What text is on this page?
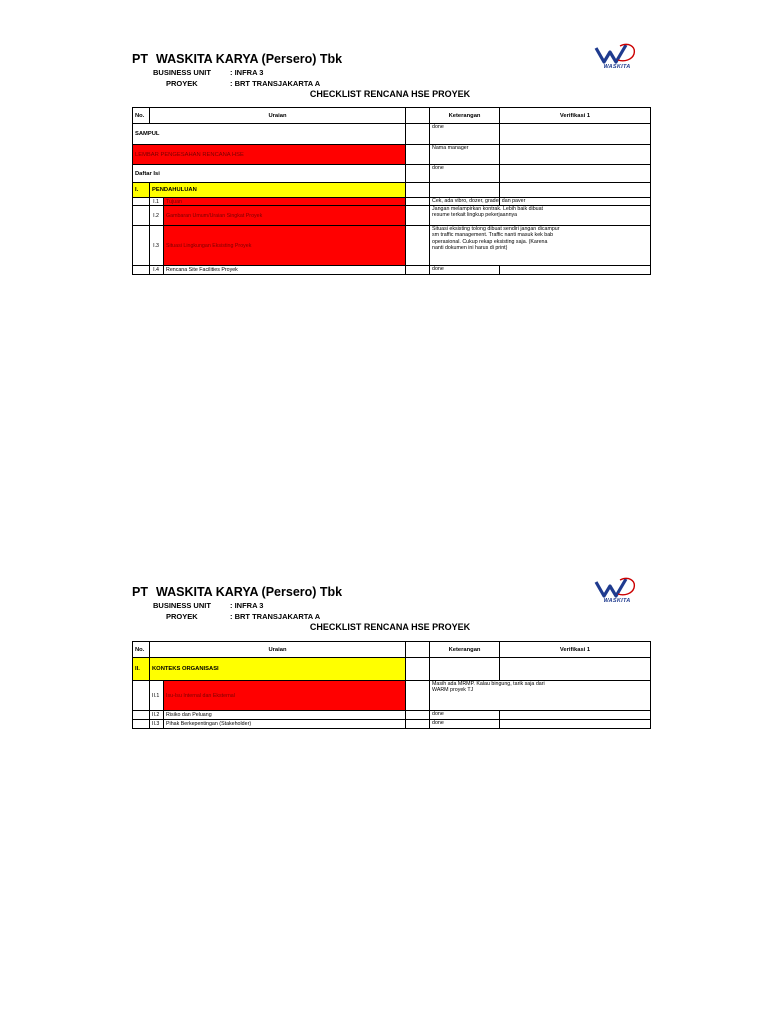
PT WASKITA KARYA (Persero) Tbk
WASKITA
BUSINESS UNIT	: INFRA 3
PROYEK	: BRT TRANSJAKARTA A
CHECKLIST RENCANA HSE PROYEK
No.	Uraian			Keterangan	Verifikasi 1
SAMPUL				done	
LEMBAR PENGESAHAN RENCANA HSE				Nama manager	
Daftar Isi				done	
I.	PENDAHULUAN				
	I.1	Tujuan		Cek, ada vibro, dozer, grader dan paver	
	I.2	Gambaran Umum/Uraian Singkat Proyek		Jangan melampirkan kontrak. Lebih baik dibuat resume terkait lingkup pekerjaannya	
	I.3	Situasi Lingkungan Eksisting Proyek		Situasi eksisting tolong dibuat sendiri jangan dicampur sm traffic management. Traffic nanti masuk kek bab operasional. Cukup rekap eksisting saja. (Karena nanti dokumen ini harus di print)	
	I.4	Rencana Site Facilities Proyek		done	
PT WASKITA KARYA (Persero) Tbk
WASKITA
BUSINESS UNIT	: INFRA 3
PROYEK	: BRT TRANSJAKARTA A
CHECKLIST RENCANA HSE PROYEK
No.	Uraian			Keterangan	Verifikasi 1
II.	KONTEKS ORGANISASI				
	II.1	Isu-Isu Internal dan Eksternal		Masih ada MRMP. Kalau bingung, tarik saja dari WARM proyek TJ	
	II.2	Risiko dan Peluang		done	
	II.3	Pihak Berkepentingan (Stakeholder)		done	
